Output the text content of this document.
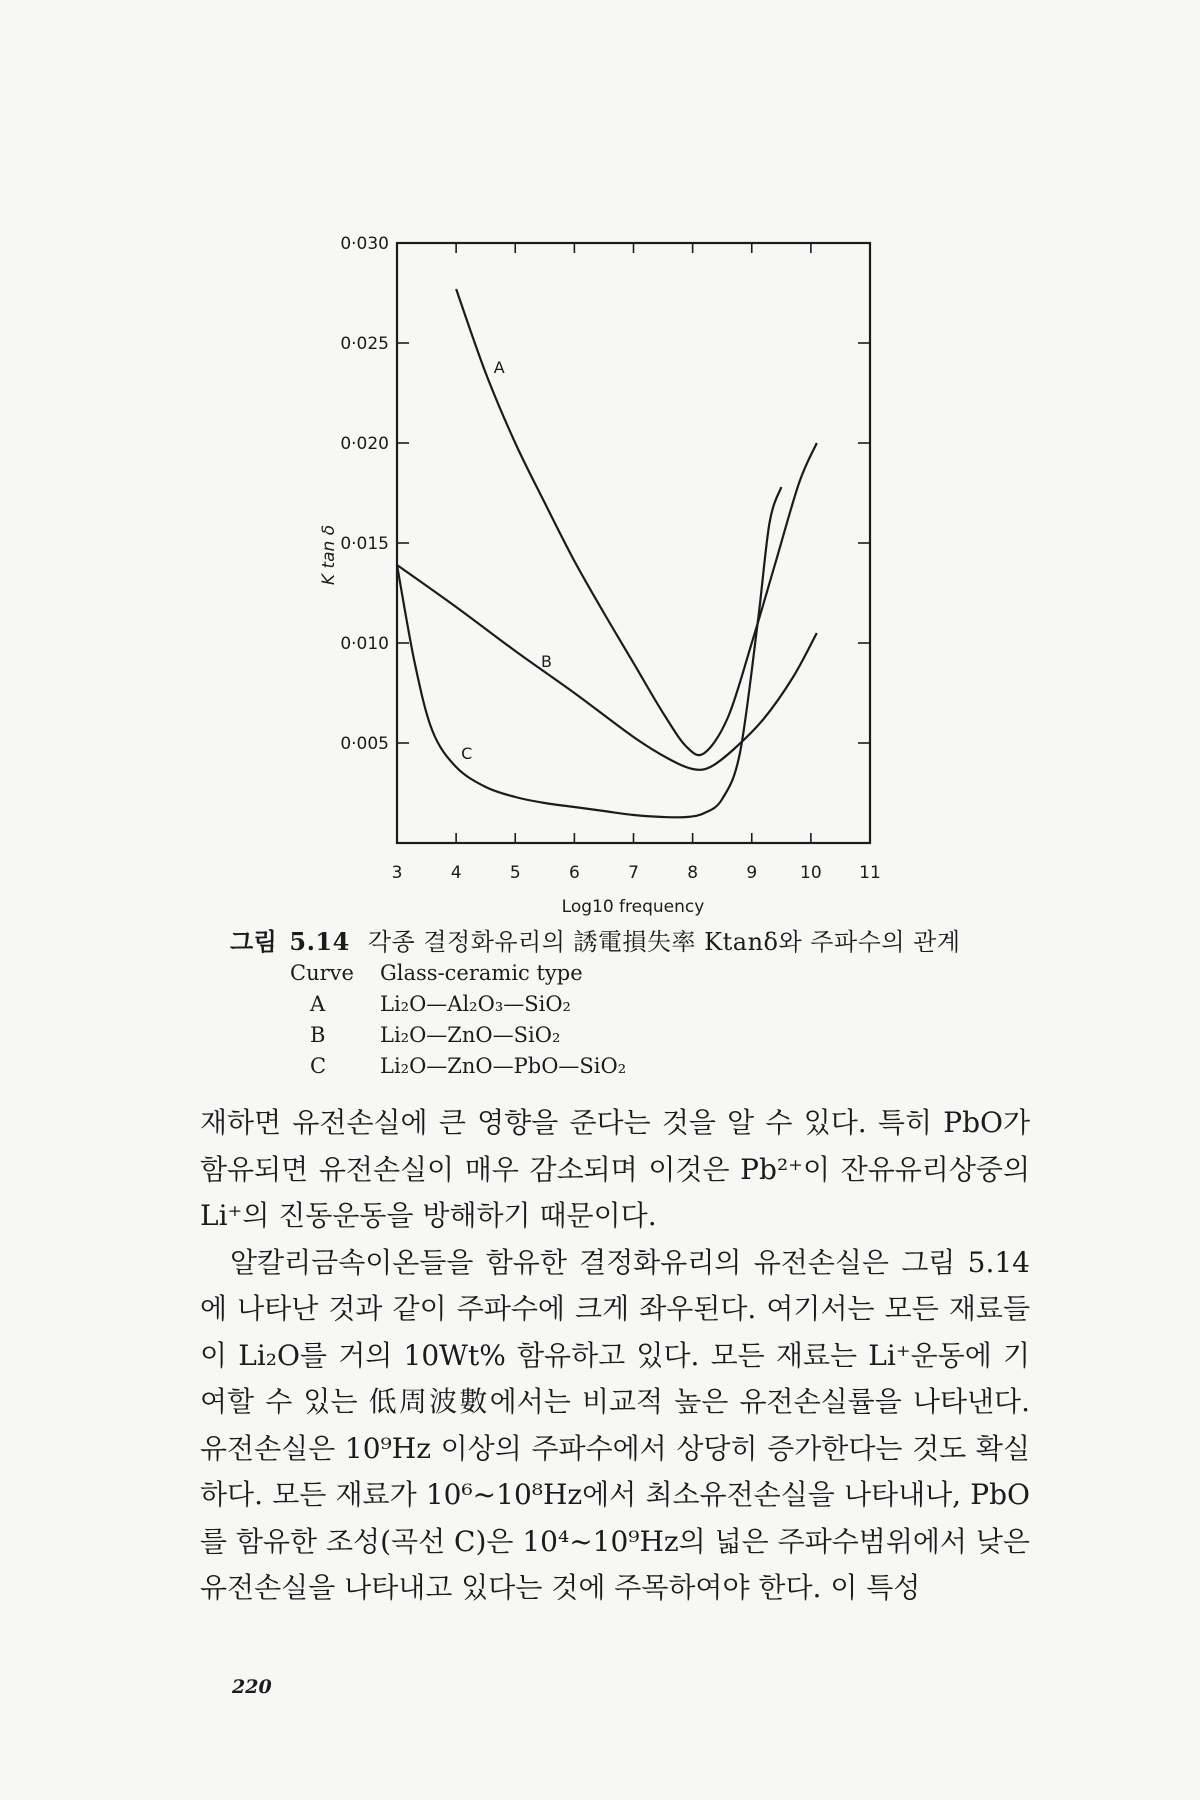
0·005
0·010
0·015
0·020
0·025
0·030
3	4	5	6	7	8	9	10 11
A
B
C
K tan δ
Log10 frequency
그림 5.14 각종 결정화유리의 誘電損失率 Ktanδ와 주파수의 관계
Curve	Glass-ceramic type
A	Li₂O—Al₂O₃—SiO₂
B	Li₂O—ZnO—SiO₂
C	Li₂O—ZnO—PbO—SiO₂

재하면 유전손실에 큰 영향을 준다는 것을 알 수 있다. 특히 PbO가 함유되면 유전손실이 매우 감소되며 이것은 Pb²⁺이 잔유유리상중의 Li⁺의 진동운동을 방해하기 때문이다.

알칼리금속이온들을 함유한 결정화유리의 유전손실은 그림 5.14에 나타난 것과 같이 주파수에 크게 좌우된다. 여기서는 모든 재료들이 Li₂O를 거의 10Wt% 함유하고 있다. 모든 재료는 Li⁺운동에 기여할 수 있는 低周波數에서는 비교적 높은 유전손실률을 나타낸다. 유전손실은 10⁹Hz 이상의 주파수에서 상당히 증가한다는 것도 확실하다. 모든 재료가 10⁶~10⁸Hz에서 최소유전손실을 나타내나, PbO를 함유한 조성(곡선 C)은 10⁴~10⁹Hz의 넓은 주파수범위에서 낮은 유전손실을 나타내고 있다는 것에 주목하여야 한다. 이 특성

220
